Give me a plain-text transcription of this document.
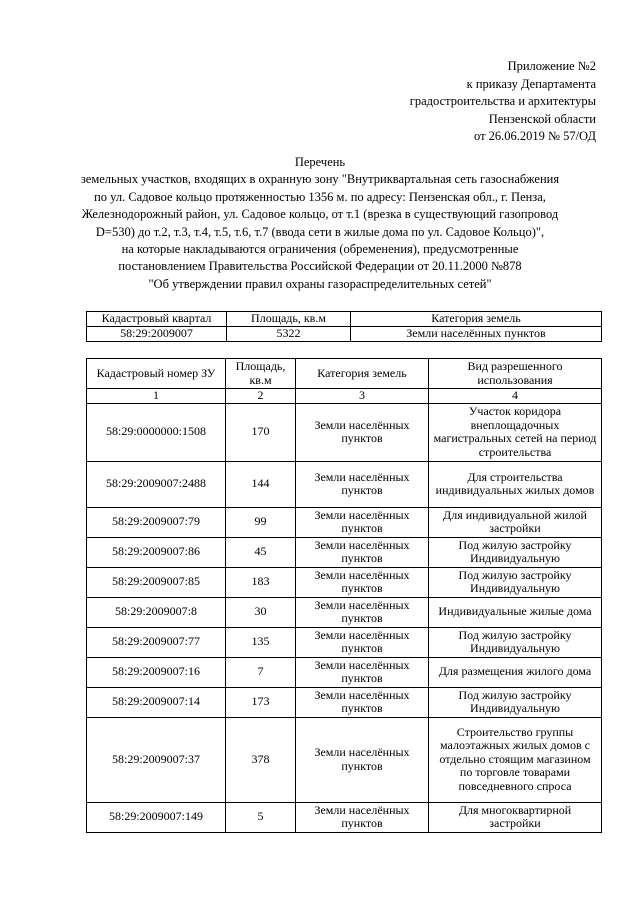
Приложение №2
к приказу Департамента
градостроительства и архитектуры
Пензенской области
от 26.06.2019 № 57/ОД
Перечень
земельных участков, входящих в охранную зону "Внутриквартальная сеть газоснабжения
по ул. Садовое кольцо протяженностью 1356 м. по адресу: Пензенская обл., г. Пенза,
Железнодорожный район, ул. Садовое кольцо, от т.1 (врезка в существующий газопровод
D=530) до т.2, т.3, т.4, т.5, т.6, т.7 (ввода сети в жилые дома по ул. Садовое Кольцо)",
на которые накладываются ограничения (обременения), предусмотренные
постановлением Правительства Российской Федерации от 20.11.2000 №878
"Об утверждении правил охраны газораспределительных сетей"
Кадастровый квартал	Площадь, кв.м	Категория земель
58:29:2009007	5322	Земли населённых пунктов
Кадастровый номер ЗУ	Площадь, кв.м	Категория земель	Вид разрешенного использования
1	2	3	4
58:29:0000000:1508	170	Земли населённых пунктов	Участок коридора внеплощадочных магистральных сетей на период строительства
58:29:2009007:2488	144	Земли населённых пунктов	Для строительства индивидуальных жилых домов
58:29:2009007:79	99	Земли населённых пунктов	Для индивидуальной жилой застройки
58:29:2009007:86	45	Земли населённых пунктов	Под жилую застройку Индивидуальную
58:29:2009007:85	183	Земли населённых пунктов	Под жилую застройку Индивидуальную
58:29:2009007:8	30	Земли населённых пунктов	Индивидуальные жилые дома
58:29:2009007:77	135	Земли населённых пунктов	Под жилую застройку Индивидуальную
58:29:2009007:16	7	Земли населённых пунктов	Для размещения жилого дома
58:29:2009007:14	173	Земли населённых пунктов	Под жилую застройку Индивидуальную
58:29:2009007:37	378	Земли населённых пунктов	Строительство группы малоэтажных жилых домов с отдельно стоящим магазином по торговле товарами повседневного спроса
58:29:2009007:149	5	Земли населённых пунктов	Для многоквартирной застройки
